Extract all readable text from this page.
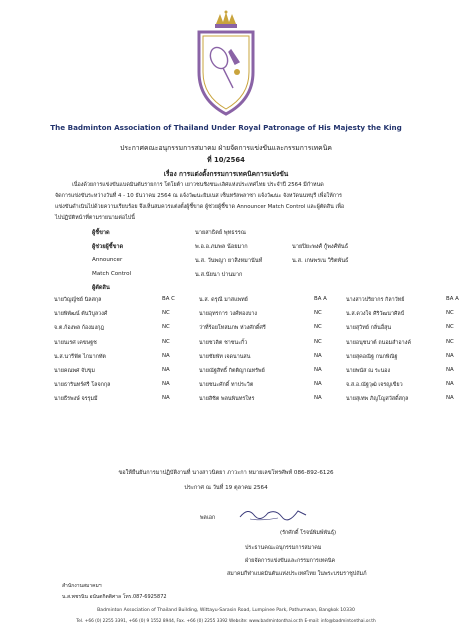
The Badminton Association of Thailand Under Royal Patronage of His Majesty the King
ประกาศคณะอนุกรรมการสมาคม ฝ่ายจัดการแข่งขันและกรรมการเทคนิค
ที่ 10/2564
เรื่อง การแต่งตั้งกรรมการเทคนิคการแข่งขัน
เนื่องด้วยการแข่งขันแบดมินตันรายการ โตโยต้า เยาวชนชิงชนะเลิศแห่งประเทศไทย ประจำปี 2564 มีกำหนด
จัดการแข่งขันระหว่างวันที่ 4 - 10 ธันวาคม 2564 ณ แจ้งวัฒนะยิมเนส เซ็นทรัลพลาซา แจ้งวัฒนะ จังหวัดนนทบุรี เพื่อให้การ
แข่งขันดำเนินไปด้วยความเรียบร้อย จึงเห็นสมควรแต่งตั้งผู้ชี้ขาด ผู้ช่วยผู้ชี้ขาด Announcer Match Control และผู้ตัดสิน เพื่อ
ไปปฏิบัติหน้าที่ตามรายนามต่อไปนี้
ผู้ชี้ขาด	นายสาธิตย์ พุทธรรณ
ผู้ช่วยผู้ชี้ขาด	พ.อ.อ.ภมพล น้อยมาก	นายปิยะพงศ์ กู้พงศ์พันธ์
Announcer	น.ส. วันพญา ยาสิงหมานันท์	น.ส. เกษพรเน วิริตพันธ์
Match Control	น.ส.นัยนา ปานมาก
ผู้ตัดสิน
นายวิญญ์ชย์ นิลสกุล	BA C	น.ส. ดรุณี มาสแพทย์	BA A	นางสาวปริยากร กิลาวัทย์	BA A
นายพิพัฒน์ ตันวิบูลวงศ์	NC	นายอุทรการ วงศ์ทองบาง	NC	น.ส.ดวงใจ ศิริวัฒนาศิลป์	NC
จ.ต.ก้องพล ก้องมงกุฎ	NC	ว่าที่ร้อยโทสมภพ ห่วงศักดิ์ศรี	NC	นายสุวิทย์ กลิ่นอื่สุน	NC
นายนเรศ เคขษฐช	NC	นายชวลิต ชาชนะกิ้ว	NC	นายอนุชนาต์ ถนอมสำอางค์	NC
น.ส.นารีฟัต ไกมากทัต	NA	นายชัยพัท เจดนานสน	NA	นายสุคอณิฐ กนกพิณิฐ	NA
นายคณพศ จับขุม	NA	นายณัฐสิทธิ์ กิตติญาณทรัพย์	NA	นายพนัส ณ ระนอง	NA
นายธารินทร์ศรี โลจกกุล	NA	นายชนะศักดิ์ ทาประวิต	NA	จ.ส.อ.ณัฐวุฒิ เจรญเขียว	NA
นายธีรพงษ์ จรรุมมี	NA	นายสิชิต พลนพินทรใหร	NA	นายสุเทพ ภิญโญสวัสดิ์สกุล	NA
ขอให้ยืนยันการมาปฏิบัติงานที่ นางสาวนิตยา ภาวะกา หมายเลขโทรศัพท์ 086-892-6126
ประกาศ ณ วันที่ 19 ตุลาคม 2564
พลเอก
(รักศักดิ์ โรจน์พิมพ์พันธุ์)
ประธานคณะอนุกรรมการสมาคม
ฝ่ายจัดการแข่งขันและกรรมการเทคนิค
สมาคมกีฬาแบดมินตันแห่งประเทศไทย ในพระบรมราชูปถัมภ์
สำนักงานสมาคมฯ
น.ส.พชรนิน อนันตกิตติศาล โทร.087-6925872
Badminton Association of Thailand Building, Wittayu-Sarasin Road, Lumpinee Park, Pathumwan, Bangkok 10330
Tel. +66 (0) 2255 3391, +66 (0) 9 1552 8944, Fax. +66 (0) 2255 3392 Website: www.badmintonthai.or.th E-mail: info@badmintonthai.or.th
